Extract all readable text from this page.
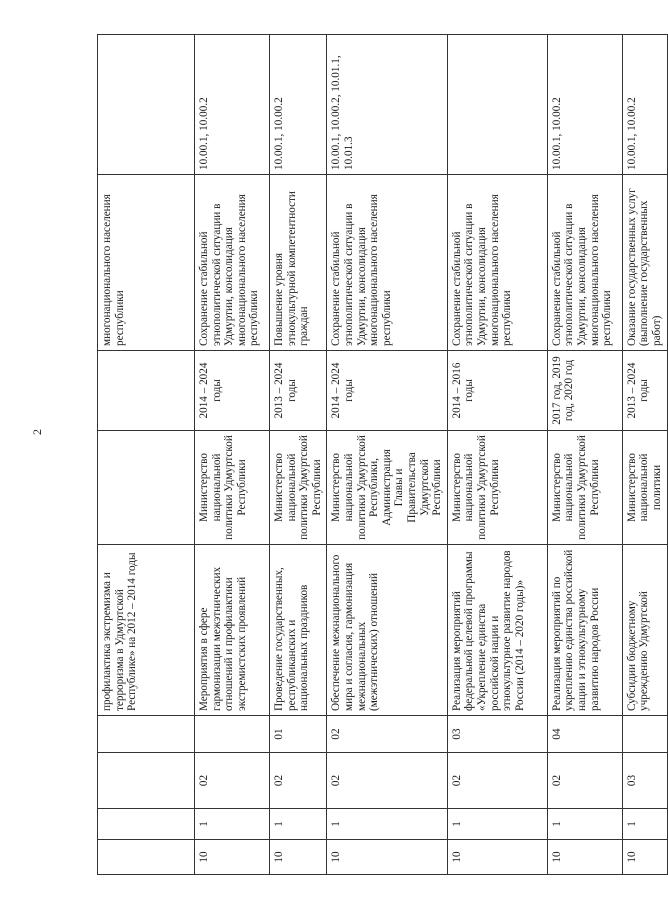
2
				профилактика экстремизма и терроризма в Удмуртской Республике» на 2012 – 2014 годы			многонационального населения республики	
10	1	02		Мероприятия в сфере гармонизации межэтнических отношений и профилактики экстремистских проявлений	Министерство национальной политики Удмуртской Республики	2014 – 2024 годы	Сохранение стабильной этнополитической ситуации в Удмуртии, консолидация многонационального населения республики	10.00.1, 10.00.2
10	1	02	01	Проведение государственных, республиканских и национальных праздников	Министерство национальной политики Удмуртской Республики	2013 – 2024 годы	Повышение уровня этнокультурной компетентности граждан	10.00.1, 10.00.2
10	1	02	02	Обеспечение межнационального мира и согласия, гармонизация межнациональных (межэтнических) отношений	Министерство национальной политики Удмуртской Республики, Администрация Главы и Правительства Удмуртской Республики	2014 – 2024 годы	Сохранение стабильной этнополитической ситуации в Удмуртии, консолидация многонационального населения республики	10.00.1, 10.00.2, 10.01.1, 10.01.3
10	1	02	03	Реализация мероприятий федеральной целевой программы «Укрепление единства российской нации и этнокультурное развитие народов России (2014 – 2020 годы)»	Министерство национальной политики Удмуртской Республики	2014 – 2016 годы	Сохранение стабильной этнополитической ситуации в Удмуртии, консолидация многонационального населения республики	
10	1	02	04	Реализация мероприятий по укреплению единства российской нации и этнокультурному развитию народов России	Министерство национальной политики Удмуртской Республики	2017 год, 2019 год, 2020 год	Сохранение стабильной этнополитической ситуации в Удмуртии, консолидация многонационального населения республики	10.00.1, 10.00.2
10	1	03		Субсидии бюджетному учреждению Удмуртской	Министерство национальной политики	2013 – 2024 годы	Оказание государственных услуг (выполнение государственных работ)	10.00.1, 10.00.2
